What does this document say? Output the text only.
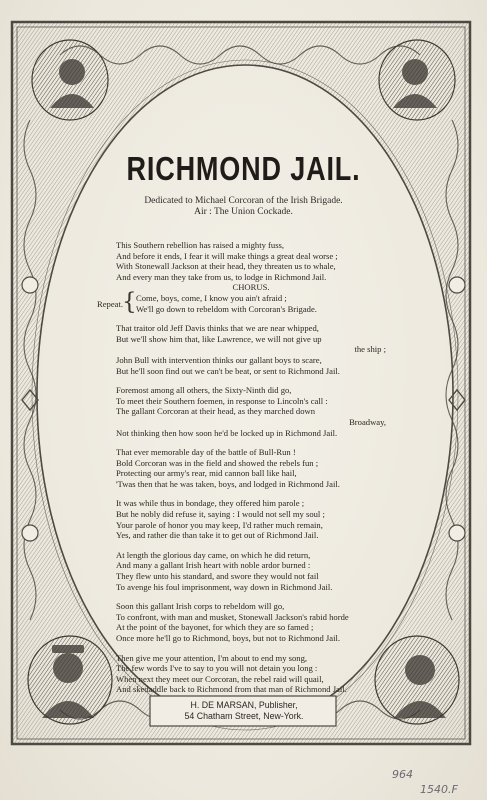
RICHMOND JAIL.
Dedicated to Michael Corcoran of the Irish Brigade.
Air : The Union Cockade.
This Southern rebellion has raised a mighty fuss,
And before it ends, I fear it will make things a great deal worse ;
With Stonewall Jackson at their head, they threaten us to whale,
And every man they take from us, to lodge in Richmond Jail.
CHORUS.
Repeat.
{ Come, boys, come, I know you ain't afraid ;
We'll go down to rebeldom with Corcoran's Brigade.
That traitor old Jeff Davis thinks that we are near whipped,
But we'll show him that, like Lawrence, we will not give up
the ship ;
John Bull with intervention thinks our gallant boys to scare,
But he'll soon find out we can't be beat, or sent to Richmond Jail.
Foremost among all others, the Sixty-Ninth did go,
To meet their Southern foemen, in response to Lincoln's call :
The gallant Corcoran at their head, as they marched down
Broadway,
Not thinking then how soon he'd be locked up in Richmond Jail.
That ever memorable day of the battle of Bull-Run !
Bold Corcoran was in the field and showed the rebels fun ;
Protecting our army's rear, mid cannon ball like hail,
'Twas then that he was taken, boys, and lodged in Richmond Jail.
It was while thus in bondage, they offered him parole ;
But he nobly did refuse it, saying : I would not sell my soul ;
Your parole of honor you may keep, I'd rather much remain,
Yes, and rather die than take it to get out of Richmond Jail.
At length the glorious day came, on which he did return,
And many a gallant Irish heart with noble ardor burned :
They flew unto his standard, and swore they would not fail
To avenge his foul imprisonment, way down in Richmond Jail.
Soon this gallant Irish corps to rebeldom will go,
To confront, with man and musket, Stonewall Jackson's rabid horde
At the point of the bayonet, for which they are so famed ;
Once more he'll go to Richmond, boys, but not to Richmond Jail.
Then give me your attention, I'm about to end my song,
The few words I've to say to you will not detain you long :
When next they meet our Corcoran, the rebel raid will quail,
And skedaddle back to Richmond from that man of Richmond Jail.
H. DE MARSAN, Publisher,
54 Chatham Street, New-York.
964
1540.F
